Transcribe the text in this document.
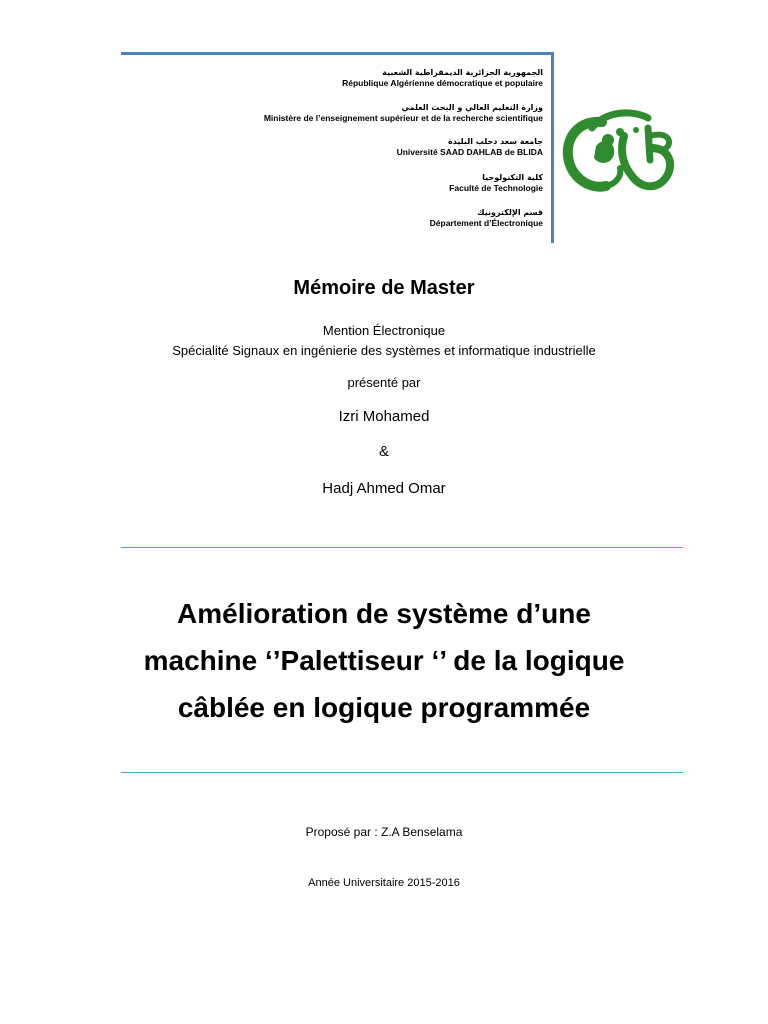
الجمهورية الجزائرية الديمقراطية الشعبية
République Algérienne démocratique et populaire
وزارة التعليم العالي و البحث العلمي
Ministère de l’enseignement supérieur et de la recherche scientifique
جامعة سعد دحلب البليدة
Université SAAD DAHLAB de BLIDA
كلية التكنولوجيا
Faculté de Technologie
قسم الإلكترونيك
Département d’Électronique
Mémoire de Master
Mention Électronique
Spécialité Signaux en ingénierie des systèmes et informatique industrielle
présenté par
Izri Mohamed
&
Hadj Ahmed Omar
Amélioration de système d’une
machine ‘’Palettiseur ‘’ de la logique
câblée en logique programmée
Proposé par : Z.A Benselama
Année Universitaire 2015-2016
